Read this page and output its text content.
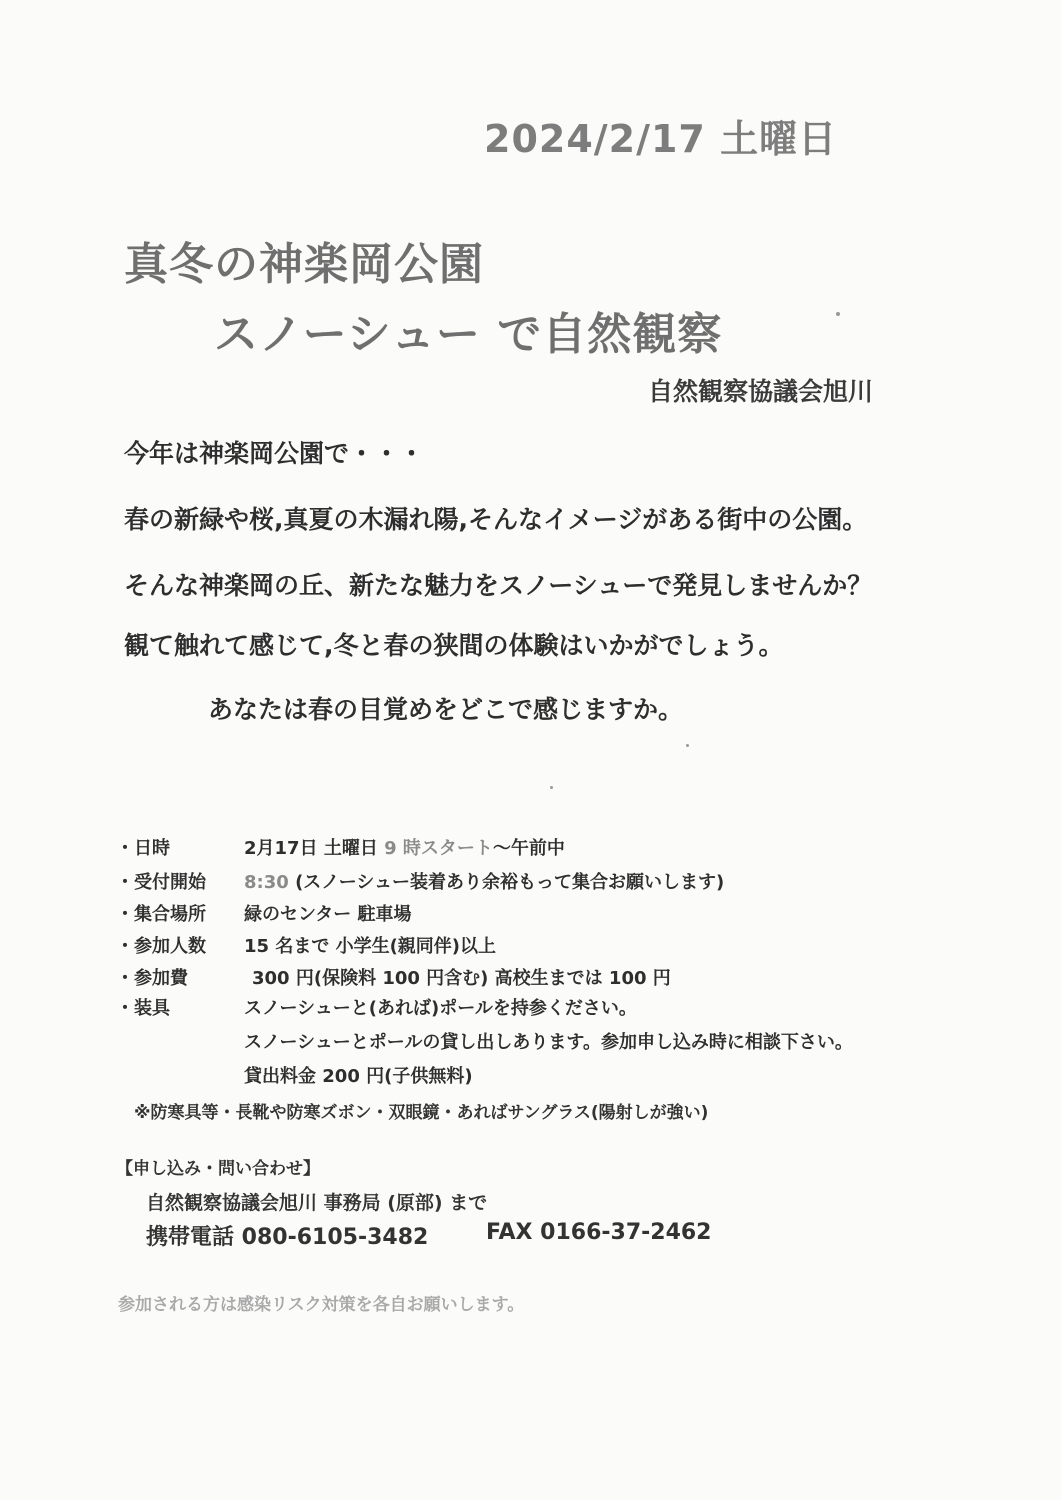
2024/2/17 土曜日
真冬の神楽岡公園
スノーシュー で自然観察
自然観察協議会旭川
今年は神楽岡公園で・・・
春の新緑や桜,真夏の木漏れ陽,そんなイメージがある街中の公園。
そんな神楽岡の丘、新たな魅力をスノーシューで発見しませんか？
観て触れて感じて,冬と春の狭間の体験はいかがでしょう。
あなたは春の目覚めをどこで感じますか。
・日時	2月17日 土曜日 9 時スタート～午前中
・受付開始 8:30 (スノーシュー装着あり余裕もって集合お願いします)
・集合場所 緑のセンター 駐車場
・参加人数 15 名まで 小学生(親同伴)以上
・参加費	300 円(保険料 100 円含む) 高校生までは 100 円
・装具	スノーシューと(あれば)ポールを持参ください。
スノーシューとポールの貸し出しあります。参加申し込み時に相談下さい。
貸出料金 200 円(子供無料)
※防寒具等・長靴や防寒ズボン・双眼鏡・あればサングラス(陽射しが強い)
【申し込み・問い合わせ】
自然観察協議会旭川 事務局 (原部) まで
携帯電話 080-6105-3482	FAX 0166-37-2462
参加される方は感染リスク対策を各自お願いします。
